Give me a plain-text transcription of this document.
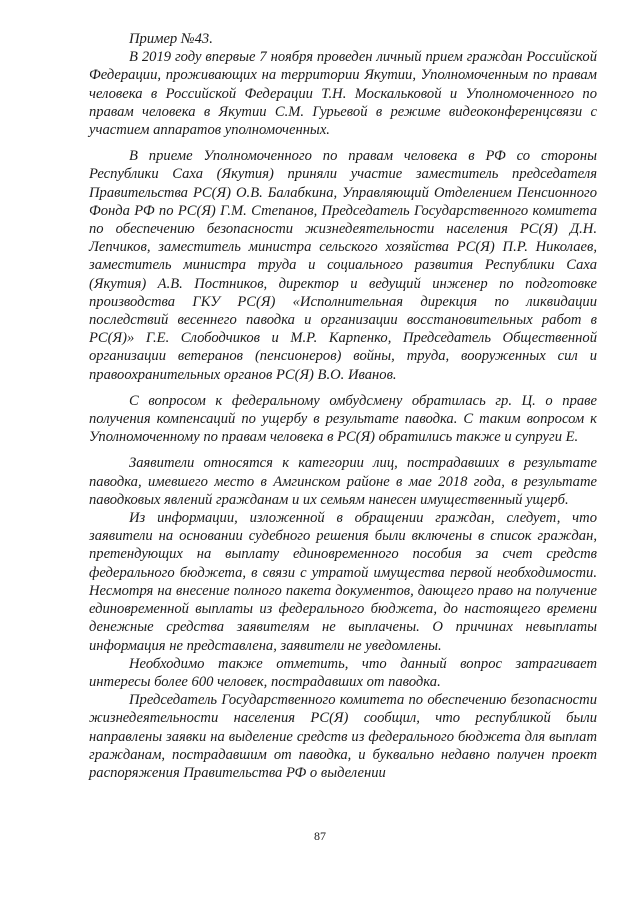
Пример №43.

В 2019 году впервые 7 ноября проведен личный прием граждан Российской Федерации, проживающих на территории Якутии, Уполномоченным по правам человека в Российской Федерации Т.Н. Москальковой и Уполномоченного по правам человека в Якутии С.М. Гурьевой в режиме видеоконференцсвязи с участием аппаратов уполномоченных.

В приеме Уполномоченного по правам человека в РФ со стороны Республики Саха (Якутия) приняли участие заместитель председателя Правительства РС(Я) О.В. Балабкина, Управляющий Отделением Пенсионного Фонда РФ по РС(Я) Г.М. Степанов, Председатель Государственного комитета по обеспечению безопасности жизнедеятельности населения РС(Я) Д.Н. Лепчиков, заместитель министра сельского хозяйства РС(Я) П.Р. Николаев, заместитель министра труда и социального развития Республики Саха (Якутия) А.В. Постников, директор и ведущий инженер по подготовке производства ГКУ РС(Я) «Исполнительная дирекция по ликвидации последствий весеннего паводка и организации восстановительных работ в РС(Я)» Г.Е. Слободчиков и М.Р. Карпенко, Председатель Общественной организации ветеранов (пенсионеров) войны, труда, вооруженных сил и правоохранительных органов РС(Я) В.О. Иванов.

С вопросом к федеральному омбудсмену обратилась гр. Ц. о праве получения компенсаций по ущербу в результате паводка. С таким вопросом к Уполномоченному по правам человека в РС(Я) обратились также и супруги Е.

Заявители относятся к категории лиц, пострадавших в результате паводка, имевшего место в Амгинском районе в мае 2018 года, в результате паводковых явлений гражданам и их семьям нанесен имущественный ущерб.

Из информации, изложенной в обращении граждан, следует, что заявители на основании судебного решения были включены в список граждан, претендующих на выплату единовременного пособия за счет средств федерального бюджета, в связи с утратой имущества первой необходимости. Несмотря на внесение полного пакета документов, дающего право на получение единовременной выплаты из федерального бюджета, до настоящего времени денежные средства заявителям не выплачены. О причинах невыплаты информация не представлена, заявители не уведомлены.

Необходимо также отметить, что данный вопрос затрагивает интересы более 600 человек, пострадавших от паводка.

Председатель Государственного комитета по обеспечению безопасности жизнедеятельности населения РС(Я) сообщил, что республикой были направлены заявки на выделение средств из федерального бюджета для выплат гражданам, пострадавшим от паводка, и буквально недавно получен проект распоряжения Правительства РФ о выделении

87
